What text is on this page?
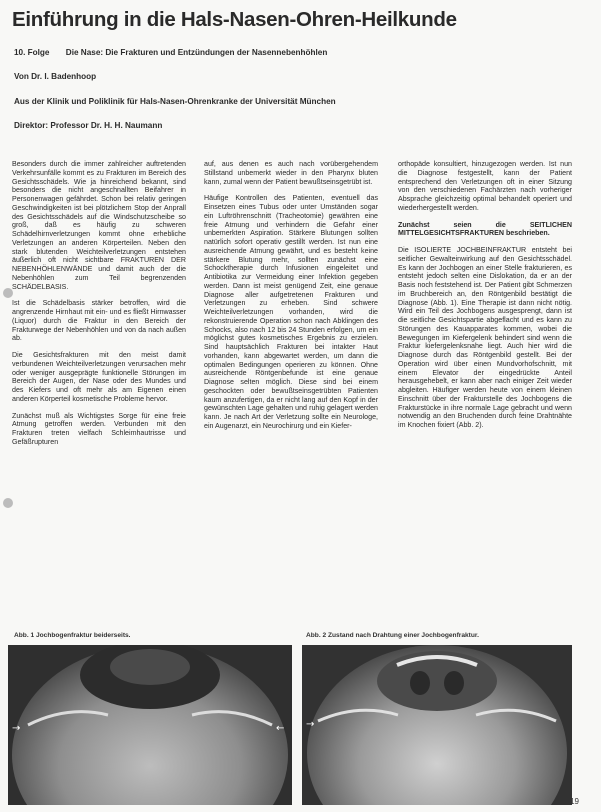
Einführung in die Hals-Nasen-Ohren-Heilkunde
10. Folge Die Nase: Die Frakturen und Entzündungen der Nasennebenhöhlen
Von Dr. I. Badenhoop
Aus der Klinik und Poliklinik für Hals-Nasen-Ohrenkranke der Universität München
Direktor: Professor Dr. H. H. Naumann

Besonders durch die immer zahlreicher auftretenden Verkehrsunfälle kommt es zu Frakturen im Bereich des Gesichtsschädels. Wie ja hinreichend bekannt, sind besonders die nicht angeschnallten Beifahrer in Personenwagen gefährdet. Schon bei relativ geringen Geschwindigkeiten ist bei plötzlichem Stop der Anprall des Gesichtsschädels auf die Windschutzscheibe so groß, daß es häufig zu schweren Schädelhirnverletzungen kommt ohne erhebliche Verletzungen an anderen Körperteilen. Neben den stark blutenden Weichteilverletzungen entstehen äußerlich oft nicht sichtbare FRAKTUREN DER NEBENHÖHLENWÄNDE und damit auch der die Nebenhöhlen zum Teil begrenzenden SCHÄDELBASIS.

Ist die Schädelbasis stärker betroffen, wird die angrenzende Hirnhaut mit ein- und es fließt Hirnwasser (Liquor) durch die Fraktur in den Bereich der Frakturwege der Nebenhöhlen und von da nach außen ab.

Die Gesichtsfrakturen mit den meist damit verbundenen Weichteilverletzungen verursachen mehr oder weniger ausgeprägte funktionelle Störungen im Bereich der Augen, der Nase oder des Mundes und des Kiefers und oft mehr als am Eigenen einen anderen Körperteil kosmetische Probleme hervor.

Zunächst muß als Wichtigstes Sorge für eine freie Atmung getroffen werden. Verbunden mit den Frakturen treten vielfach Schleimhautrisse und Gefäßrupturen

auf, aus denen es auch nach vorübergehendem Stillstand unbemerkt wieder in den Pharynx bluten kann, zumal wenn der Patient bewußtseinsgetrübt ist.

Häufige Kontrollen des Patienten, eventuell das Einsetzen eines Tubus oder unter Umständen sogar ein Luftröhrenschnitt (Tracheotomie) gewähren eine freie Atmung und verhindern die Gefahr einer unbemerkten Aspiration. Stärkere Blutungen sollten natürlich sofort operativ gestillt werden. Ist nun eine ausreichende Atmung gewährt, und es besteht keine stärkere Blutung mehr, sollten zunächst eine Schocktherapie durch Infusionen eingeleitet und Antibiotika zur Vermeidung einer Infektion gegeben werden. Dann ist meist genügend Zeit, eine genaue Diagnose aller aufgetretenen Frakturen und Verletzungen zu erheben. Sind schwere Weichteilverletzungen vorhanden, wird die rekonstruierende Operation schon nach Abklingen des Schocks, also nach 12 bis 24 Stunden erfolgen, um ein möglichst gutes kosmetisches Ergebnis zu erzielen. Sind hauptsächlich Frakturen bei intakter Haut vorhanden, kann abgewartet werden, um dann die optimalen Bedingungen operieren zu können. Ohne ausreichende Röntgenbefunde ist eine genaue Diagnose selten möglich. Diese sind bei einem geschockten oder bewußtseinsgetrübten Patienten kaum anzufertigen, da er nicht lang auf den Kopf in der gewünschten Lage gehalten und ruhig gelagert werden kann. Je nach Art der Verletzung sollte ein Neurologe, ein Augenarzt, ein Neurochirurg und ein Kiefer-

orthopäde konsultiert, hinzugezogen werden. Ist nun die Diagnose festgestellt, kann der Patient entsprechend den Verletzungen oft in einer Sitzung von den verschiedenen Fachärzten nach vorheriger Absprache gleichzeitig optimal behandelt operiert und wiederhergestellt werden.

Zunächst seien die SEITLICHEN MITTELGESICHTSFRAKTUREN beschrieben.

Die ISOLIERTE JOCHBEINFRAKTUR entsteht bei seitlicher Gewalteinwirkung auf den Gesichtsschädel. Es kann der Jochbogen an einer Stelle frakturieren, es entsteht jedoch selten eine Dislokation, da er an der Basis noch feststehend ist. Der Patient gibt Schmerzen im Bruchbereich an, den Röntgenbild bestätigt die Diagnose (Abb. 1). Eine Therapie ist dann nicht nötig. Wird ein Teil des Jochbogens ausgesprengt, dann ist die seitliche Gesichtspartie abgeflacht und es kann zu Störungen des Kauapparates kommen, wobei die Bewegungen im Kiefergelenk behindert sind wenn die Fraktur kiefergelenksnahe liegt. Auch hier wird die Diagnose durch das Röntgenbild gestellt. Bei der Operation wird über einen Mundvorhofschnitt, mit einem Elevator der eingedrückte Anteil herausgehebelt, er kann aber nach einiger Zeit wieder abgleiten. Häufiger werden heute von einem kleinen Einschnitt über der Frakturstelle des Jochbogens die Frakturstücke in ihre normale Lage gebracht und wenn notwendig an den Bruchenden durch feine Drahtnähte im Knochen fixiert (Abb. 2).

Abb. 1 Jochbogenfraktur beiderseits.	Abb. 2 Zustand nach Drahtung einer Jochbogenfraktur.
→	← →
19
